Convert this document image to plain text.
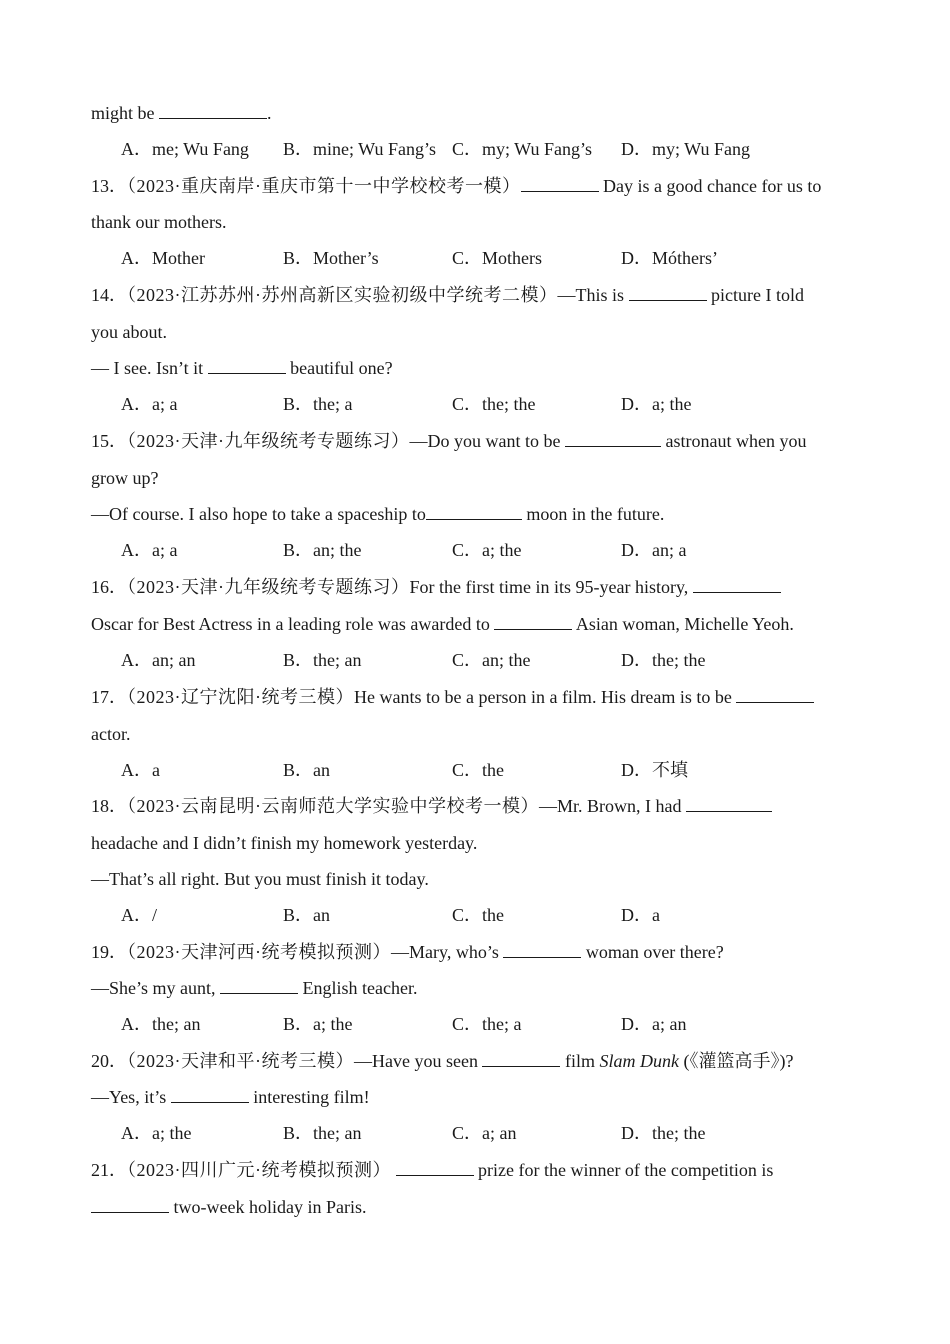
might be	.
A．me; Wu Fang B．mine; Wu Fang’s C．my; Wu Fang’s D．my; Wu Fang
13．（2023·重庆南岸·重庆市第十一中学校校考一模）	Day is a good chance for us to
thank our mothers.
A．Mother	B．Mother’s	C．Mothers	D．Móthers’
14．（2023·江苏苏州·苏州高新区实验初级中学统考二模）—This is	picture I told
you about.
— I see. Isn’t it	beautiful one?
A．a; a	B．the; a	C．the; the	D．a; the
15．（2023·天津·九年级统考专题练习）—Do you want to be	astronaut when you
grow up?
—Of course. I also hope to take a spaceship to	moon in the future.
A．a; a	B．an; the	C．a; the	D．an; a
16．（2023·天津·九年级统考专题练习）For the first time in its 95-year history,
Oscar for Best Actress in a leading role was awarded to	Asian woman, Michelle Yeoh.
A．an; an	B．the; an	C．an; the	D．the; the
17．（2023·辽宁沈阳·统考三模）He wants to be a person in a film. His dream is to be
actor.
A．a	B．an	C．the	D．不填
18．（2023·云南昆明·云南师范大学实验中学校考一模）—Mr. Brown, I had
headache and I didn’t finish my homework yesterday.
—That’s all right. But you must finish it today.
A．/	B．an	C．the	D．a
19．（2023·天津河西·统考模拟预测）—Mary, who’s	woman over there?
—She’s my aunt,	English teacher.
A．the; an	B．a; the	C．the; a	D．a; an
20．（2023·天津和平·统考三模）—Have you seen	film Slam Dunk (《灌篮高手》)?
—Yes, it’s	interesting film!
A．a; the	B．the; an	C．a; an	D．the; the
21．（2023·四川广元·统考模拟预测）	prize for the winner of the competition is
two-week holiday in Paris.
